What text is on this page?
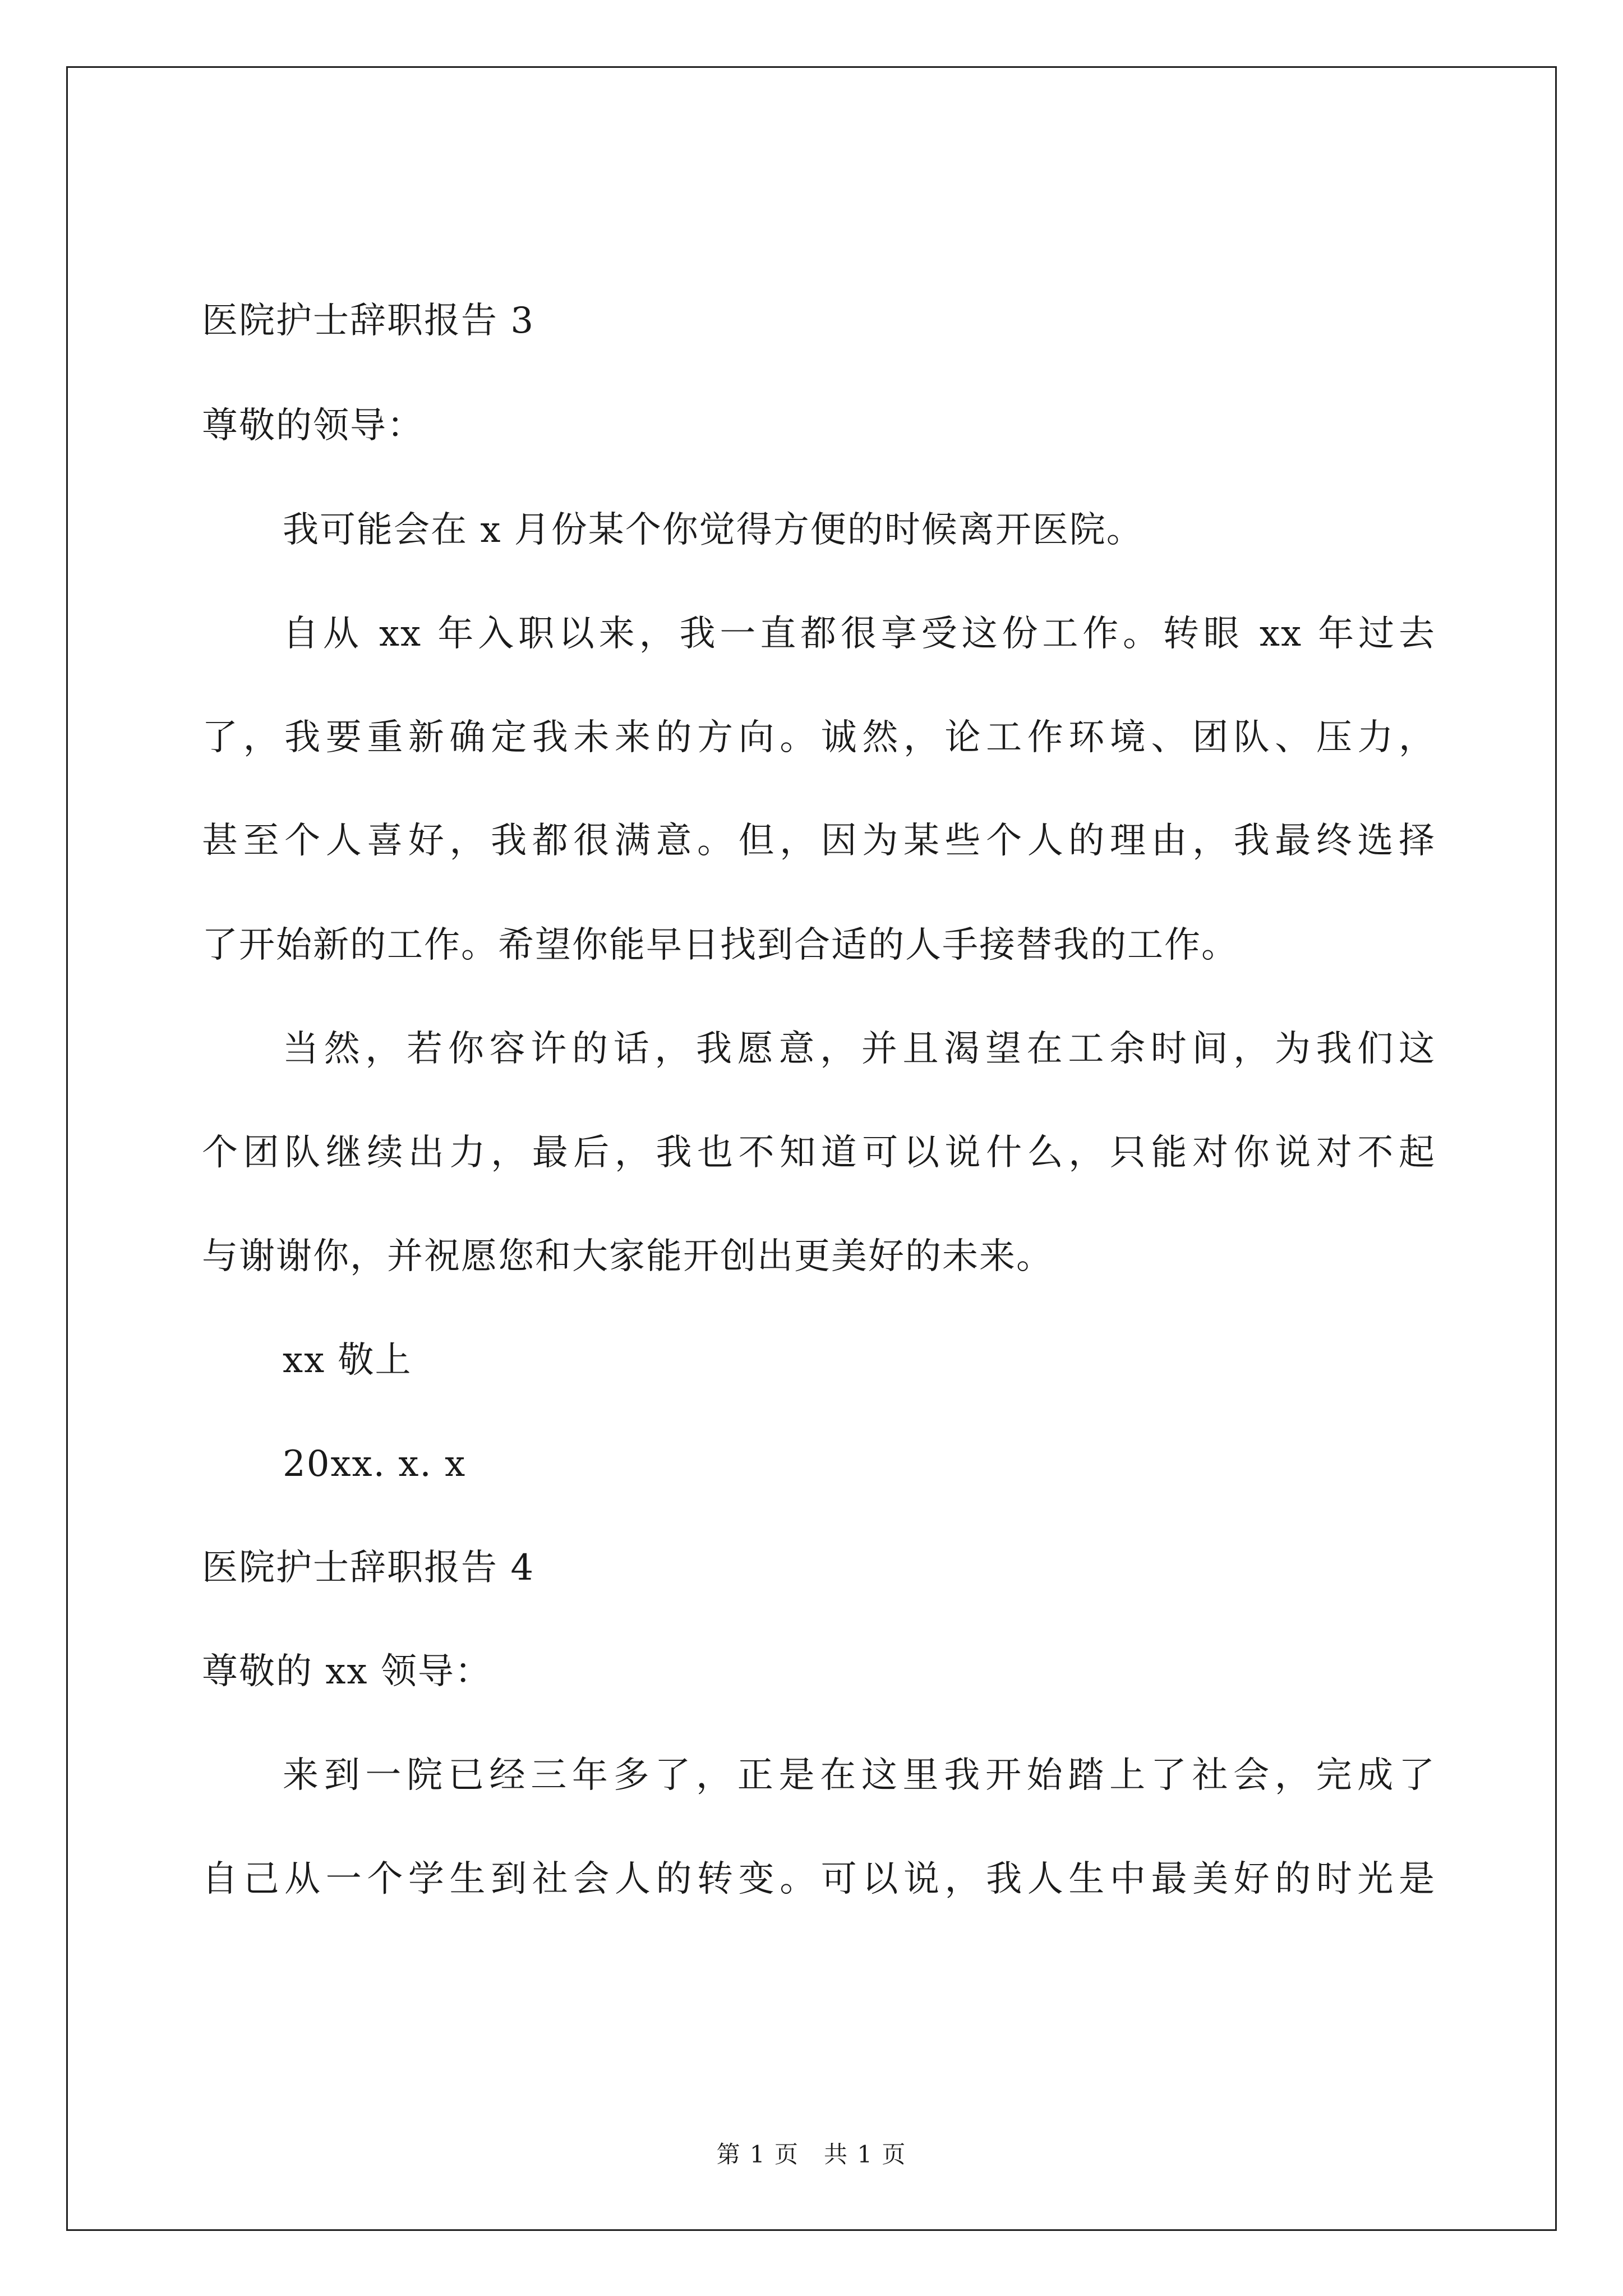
医院护士辞职报告 3
尊敬的领导：
我可能会在 x 月份某个你觉得方便的时候离开医院。
自从 xx 年入职以来，我一直都很享受这份工作。转眼 xx 年过去
了，我要重新确定我未来的方向。诚然，论工作环境、团队、压力，
甚至个人喜好，我都很满意。但，因为某些个人的理由，我最终选择
了开始新的工作。希望你能早日找到合适的人手接替我的工作。
当然，若你容许的话，我愿意，并且渴望在工余时间，为我们这
个团队继续出力，最后，我也不知道可以说什么，只能对你说对不起
与谢谢你，并祝愿您和大家能开创出更美好的未来。
xx 敬上
20xx. x. x
医院护士辞职报告 4
尊敬的 xx 领导：
来到一院已经三年多了，正是在这里我开始踏上了社会，完成了
自己从一个学生到社会人的转变。可以说，我人生中最美好的时光是
第 1 页　共 1 页
